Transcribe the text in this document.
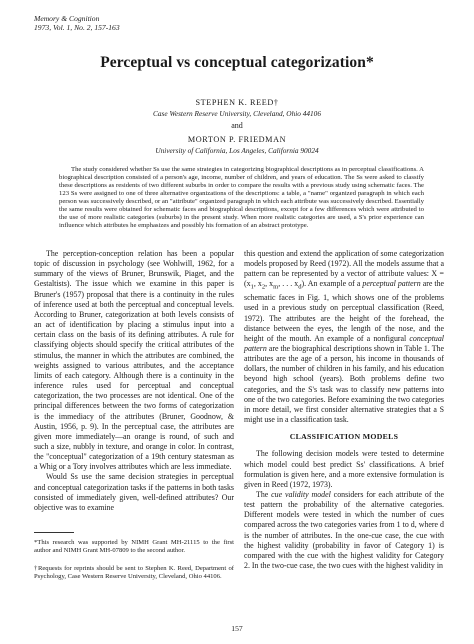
Memory & Cognition
1973, Vol. 1, No. 2, 157-163
Perceptual vs conceptual categorization*
STEPHEN K. REED†
Case Western Reserve University, Cleveland, Ohio 44106
and
MORTON P. FRIEDMAN
University of California, Los Angeles, California 90024
The study considered whether Ss use the same strategies in categorizing biographical descriptions as in perceptual classifications. A biographical description consisted of a person's age, income, number of children, and years of education. The Ss were asked to classify these descriptions as residents of two different suburbs in order to compare the results with a previous study using schematic faces. The 123 Ss were assigned to one of three alternative organizations of the descriptions: a table, a "name" organized paragraph in which each person was successively described, or an "attribute" organized paragraph in which each attribute was successively described. Essentially the same results were obtained for schematic faces and biographical descriptions, except for a few differences which were attributed to the use of more realistic categories (suburbs) in the present study. When more realistic categories are used, a S's prior experience can influence which attributes he emphasizes and possibly his formation of an abstract prototype.

The perception-conception relation has been a popular topic of discussion in psychology (see Wohlwill, 1962, for a summary of the views of Bruner, Brunswik, Piaget, and the Gestaltists). The issue which we examine in this paper is Bruner's (1957) proposal that there is a continuity in the rules of inference used at both the perceptual and conceptual levels. According to Bruner, categorization at both levels consists of an act of identification by placing a stimulus input into a certain class on the basis of its defining attributes. A rule for classifying objects should specify the critical attributes of the stimulus, the manner in which the attributes are combined, the weights assigned to various attributes, and the acceptance limits of each category. Although there is a continuity in the inference rules used for perceptual and conceptual categorization, the two processes are not identical. One of the principal differences between the two forms of categorization is the immediacy of the attributes (Bruner, Goodnow, & Austin, 1956, p. 9). In the perceptual case, the attributes are given more immediately—an orange is round, of such and such a size, nubbly in texture, and orange in color. In contrast, the "conceptual" categorization of a 19th century statesman as a Whig or a Tory involves attributes which are less immediate.

Would Ss use the same decision strategies in perceptual and conceptual categorization tasks if the patterns in both tasks consisted of immediately given, well-defined attributes? Our objective was to examine

this question and extend the application of some categorization models proposed by Reed (1972). All the models assume that a pattern can be represented by a vector of attribute values: $X = (x_1$, $x_2$, $x_m$, . . . $x_d$). An example of a perceptual pattern are the schematic faces in Fig. 1, which shows one of the problems used in a previous study on perceptual classification (Reed, 1972). The attributes are the height of the forehead, the distance between the eyes, the length of the nose, and the height of the mouth. An example of a nonfigural conceptual pattern are the biographical descriptions shown in Table 1. The attributes are the age of a person, his income in thousands of dollars, the number of children in his family, and his education beyond high school (years). Both problems define two categories, and the S's task was to classify new patterns into one of the two categories. Before examining the two categories in more detail, we first consider alternative strategies that a S might use in a classification task.

CLASSIFICATION MODELS

The following decision models were tested to determine which model could best predict Ss' classifications. A brief formulation is given here, and a more extensive formulation is given in Reed (1972, 1973).

The cue validity model considers for each attribute of the test pattern the probability of the alternative categories. Different models were tested in which the number of cues compared across the two categories varies from 1 to d, where d is the number of attributes. In the one-cue case, the cue with the highest validity (probability in favor of Category 1) is compared with the cue with the highest validity for Category 2. In the two-cue case, the two cues with the highest validity in

*This research was supported by NIMH Grant MH-21115 to the first author and NIMH Grant MH-07809 to the second author.
†Requests for reprints should be sent to Stephen K. Reed, Department of Psychology, Case Western Reserve University, Cleveland, Ohio 44106.
157
